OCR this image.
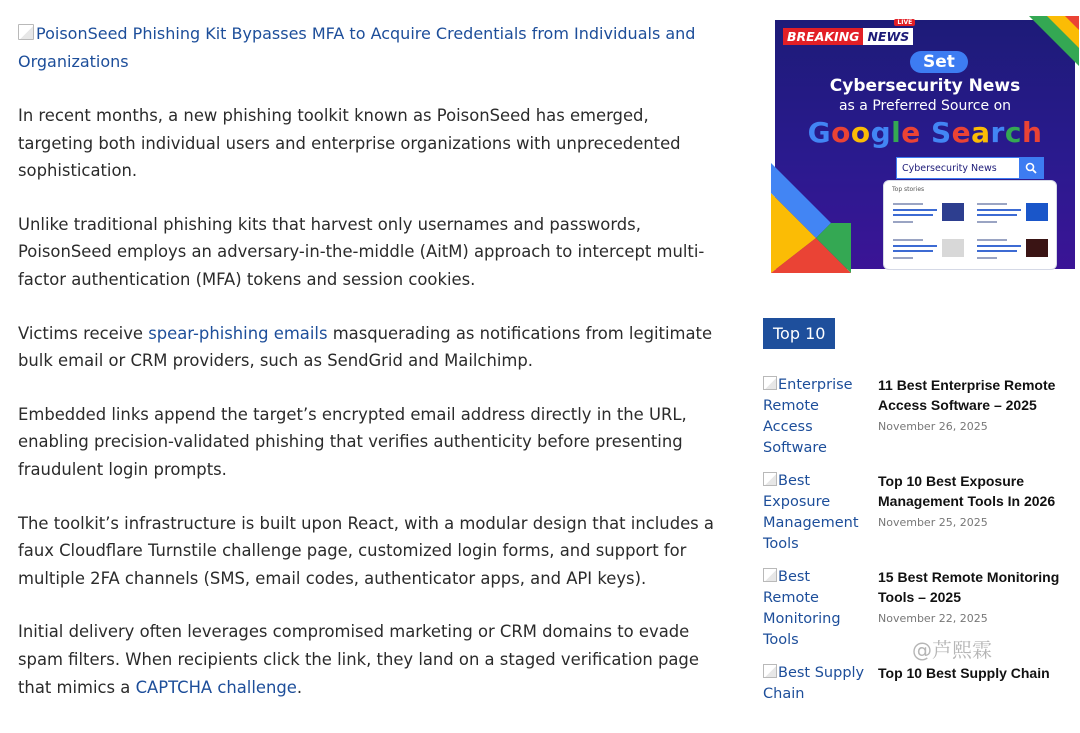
PoisonSeed Phishing Kit Bypasses MFA to Acquire Credentials from Individuals and Organizations

In recent months, a new phishing toolkit known as PoisonSeed has emerged, targeting both individual users and enterprise organizations with unprecedented sophistication.

Unlike traditional phishing kits that harvest only usernames and passwords, PoisonSeed employs an adversary-in-the-middle (AitM) approach to intercept multi-factor authentication (MFA) tokens and session cookies.

Victims receive spear-phishing emails masquerading as notifications from legitimate bulk email or CRM providers, such as SendGrid and Mailchimp.

Embedded links append the target’s encrypted email address directly in the URL, enabling precision-validated phishing that verifies authenticity before presenting fraudulent login prompts.

The toolkit’s infrastructure is built upon React, with a modular design that includes a faux Cloudflare Turnstile challenge page, customized login forms, and support for multiple 2FA channels (SMS, email codes, authenticator apps, and API keys).

Initial delivery often leverages compromised marketing or CRM domains to evade spam filters. When recipients click the link, they land on a staged verification page that mimics a CAPTCHA challenge.

BREAKING NEWS
LIVE
Set
Cybersecurity News
as a Preferred Source on
Google Search
Cybersecurity News
Top stories
Top 10
Enterprise Remote Access Software
11 Best Enterprise Remote Access Software – 2025
November 26, 2025
Best Exposure Management Tools
Top 10 Best Exposure Management Tools In 2026
November 25, 2025
Best Remote Monitoring Tools
15 Best Remote Monitoring Tools – 2025
November 22, 2025
Best Supply Chain
Top 10 Best Supply Chain
@芦熙霖
